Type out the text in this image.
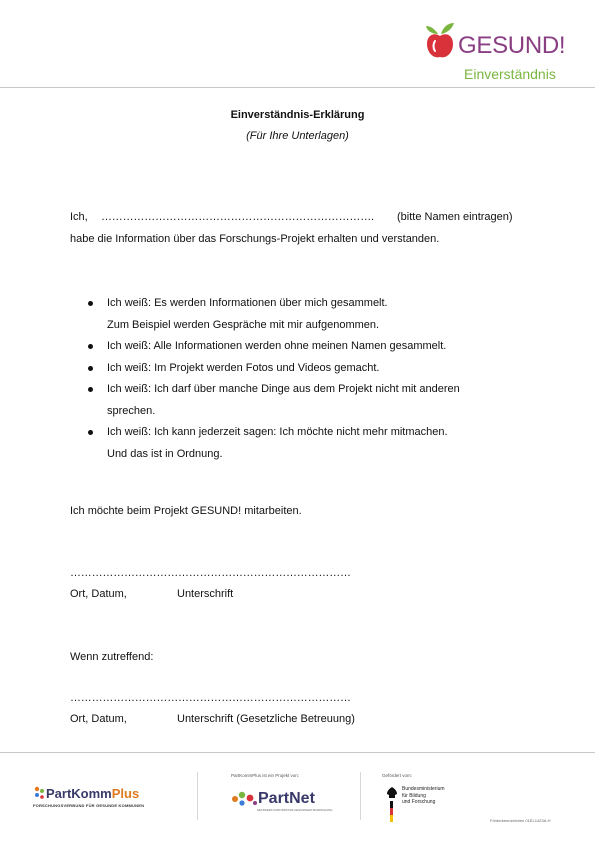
GESUND!
Einverständnis
Einverständnis-Erklärung
(Für Ihre Unterlagen)
Ich, ………………………………………………………………….	(bitte Namen eintragen)
habe die Information über das Forschungs-Projekt erhalten und verstanden.
Ich weiß: Es werden Informationen über mich gesammelt.
Zum Beispiel werden Gespräche mit mir aufgenommen.
Ich weiß: Alle Informationen werden ohne meinen Namen gesammelt.
Ich weiß: Im Projekt werden Fotos und Videos gemacht.
Ich weiß: Ich darf über manche Dinge aus dem Projekt nicht mit anderen
sprechen.
Ich weiß: Ich kann jederzeit sagen: Ich möchte nicht mehr mitmachen.
Und das ist in Ordnung.
Ich möchte beim Projekt GESUND! mitarbeiten.
……………………………………………………………………
Ort, Datum,	Unterschrift
Wenn zutreffend:
……………………………………………………………………
Ort, Datum,	Unterschrift (Gesetzliche Betreuung)
PartKommPlus
FORSCHUNGSVERBUND FÜR GESUNDE KOMMUNEN
PartKommPlus ist ein Projekt von:
PartNet
NETZWERK PARTIZIPATIVE GESUNDHEITSFORSCHUNG
Gefördert vom:
Bundesministerium
für Bildung
und Forschung
Förderkennzeichen 01EL1423A-H
